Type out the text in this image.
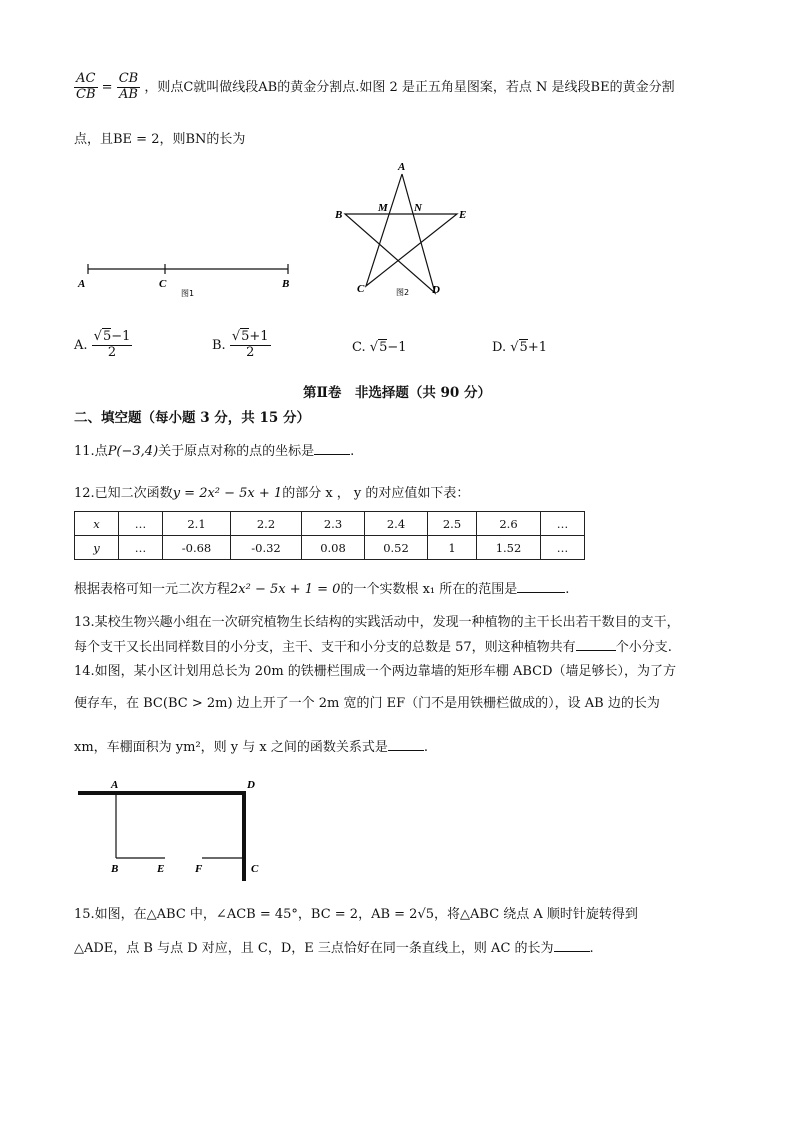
$\frac{AC}{CB} = \frac{CB}{AB}$ ，则点C就叫做线段AB的黄金分割点.如图 2 是正五角星图案，若点 N 是线段BE的黄金分割
点，且BE = 2，则BN的长为
A	C	B
图1
A
B
M N
E
C	D
图2
A. $\frac{√5-1}{2}$	B. $\frac{√5+1}{2}$	C. √5−1	D. √5+1
第Ⅱ卷　非选择题（共 90 分）
二、填空题（每小题 3 分，共 15 分）
11.点P(−3,4)关于原点对称的点的坐标是	.
12.已知二次函数y = 2x² − 5x + 1的部分 x ， y 的对应值如下表：
x	…	2.1	2.2	2.3	2.4	2.5	2.6	…
y	…	-0.68	-0.32	0.08	0.52	1	1.52	…
根据表格可知一元二次方程2x² − 5x + 1 = 0的一个实数根 x₁ 所在的范围是	.
13.某校生物兴趣小组在一次研究植物生长结构的实践活动中，发现一种植物的主干长出若干数目的支干，
每个支干又长出同样数目的小分支，主干、支干和小分支的总数是 57，则这种植物共有	个小分支.
14.如图，某小区计划用总长为 20m 的铁栅栏围成一个两边靠墙的矩形车棚 ABCD（墙足够长），为了方
便存车，在 BC(BC > 2m) 边上开了一个 2m 宽的门 EF（门不是用铁栅栏做成的），设 AB 边的长为
xm，车棚面积为 ym²，则 y 与 x 之间的函数关系式是	.
A	D
B	E	F	C
15.如图，在△ABC 中，∠ACB = 45°，BC = 2，AB = 2√5，将△ABC 绕点 A 顺时针旋转得到
△ADE，点 B 与点 D 对应，且 C，D，E 三点恰好在同一条直线上，则 AC 的长为	.
